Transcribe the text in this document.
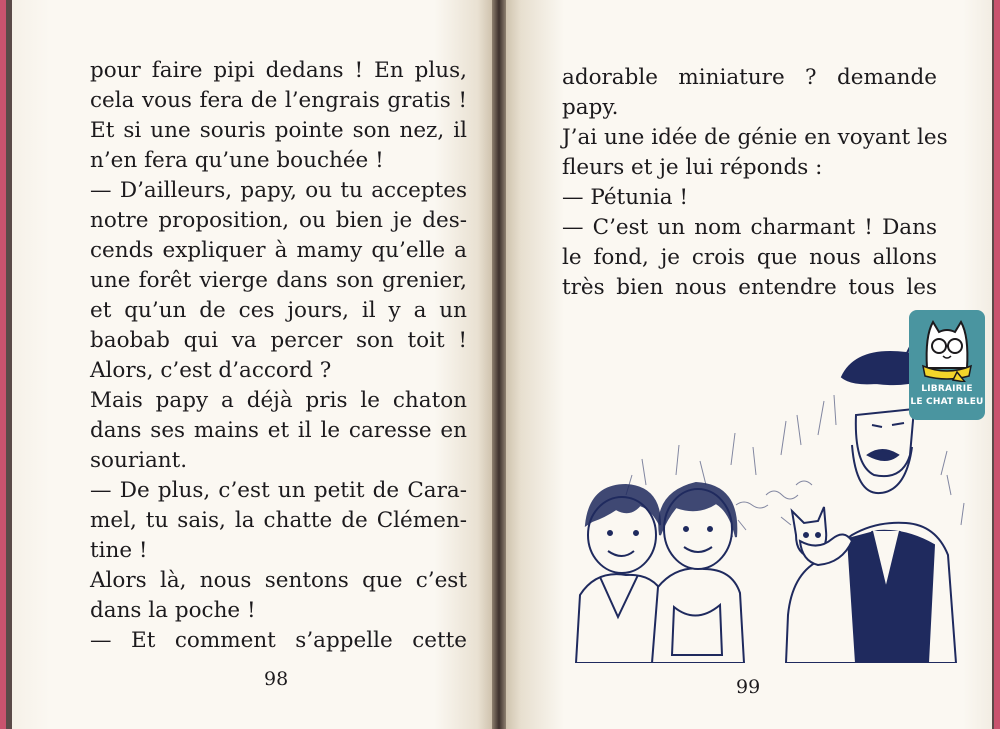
pour faire pipi dedans ! En plus,
cela vous fera de l’engrais gratis !
Et si une souris pointe son nez, il
n’en fera qu’une bouchée !
— D’ailleurs, papy, ou tu acceptes
notre proposition, ou bien je des-
cends expliquer à mamy qu’elle a
une forêt vierge dans son grenier,
et qu’un de ces jours, il y a un
baobab qui va percer son toit !
Alors, c’est d’accord ?
Mais papy a déjà pris le chaton
dans ses mains et il le caresse en
souriant.
— De plus, c’est un petit de Cara-
mel, tu sais, la chatte de Clémen-
tine !
Alors là, nous sentons que c’est
dans la poche !
— Et comment s’appelle cette
98
adorable miniature ? demande
papy.
J’ai une idée de génie en voyant les
fleurs et je lui réponds :
— Pétunia !
— C’est un nom charmant ! Dans
le fond, je crois que nous allons
très bien nous entendre tous les
99
LIBRAIRIE
LE CHAT BLEU
